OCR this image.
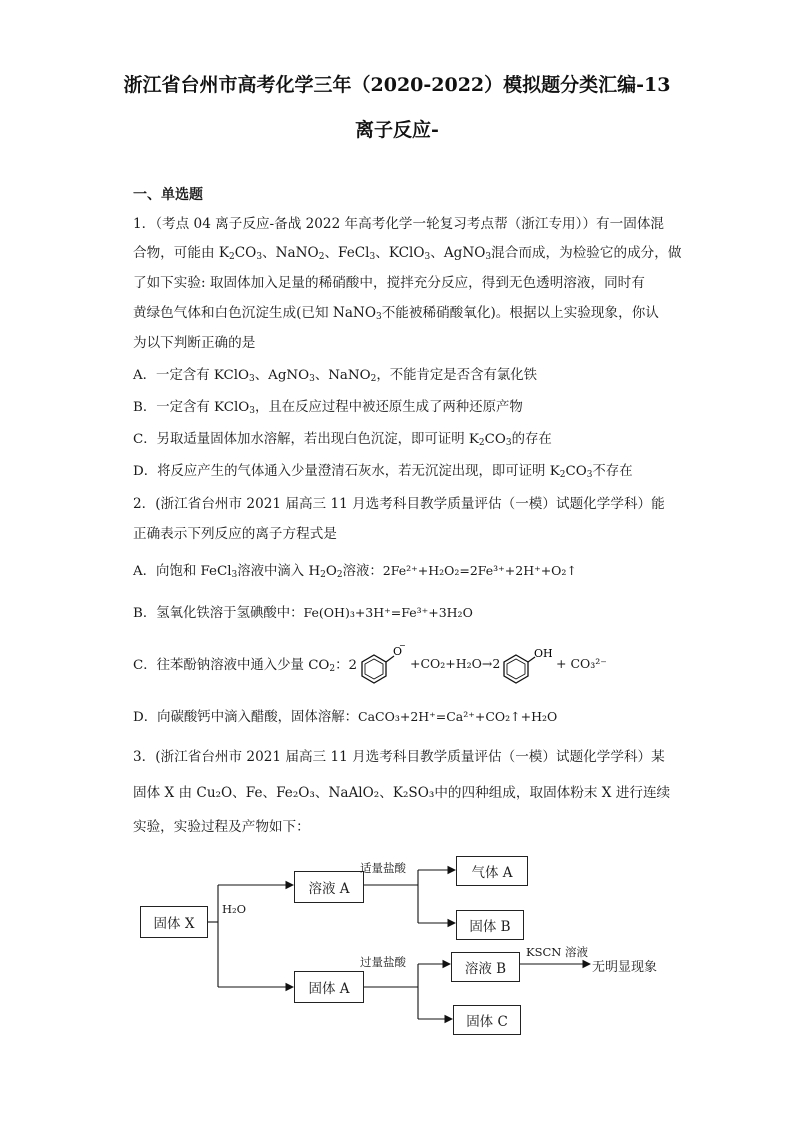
浙江省台州市高考化学三年（2020-2022）模拟题分类汇编-13
离子反应-
一、单选题
1．（考点 04 离子反应-备战 2022 年高考化学一轮复习考点帮（浙江专用））有一固体混
合物，可能由 $K_2CO_3$、NaNO$_2$、FeCl$_3$、KClO$_3$、AgNO$_3$混合而成，为检验它的成分，做
了如下实验: 取固体加入足量的稀硝酸中，搅拌充分反应，得到无色透明溶液，同时有
黄绿色气体和白色沉淀生成(已知 NaNO$_3$不能被稀硝酸氧化)。根据以上实验现象，你认
为以下判断正确的是
A．一定含有 KClO$_3$、AgNO$_3$、NaNO$_2$，不能肯定是否含有氯化铁
B．一定含有 KClO$_3$，且在反应过程中被还原生成了两种还原产物
C．另取适量固体加水溶解，若出现白色沉淀，即可证明 $K_2CO_3$的存在
D．将反应产生的气体通入少量澄清石灰水，若无沉淀出现，即可证明 $K_2CO_3$不存在
2．(浙江省台州市 2021 届高三 11 月选考科目教学质量评估（一模）试题化学学科）能
正确表示下列反应的离子方程式是
A．向饱和 FeCl$_3$溶液中滴入 $H_2O_2$溶液：2Fe²⁺+H₂O₂=2Fe³⁺+2H⁺+O₂↑
B．氢氧化铁溶于氢碘酸中：Fe(OH)₃+3H⁺=Fe³⁺+3H₂O
C．往苯酚钠溶液中通入少量 $CO_2$：2
O
−
+CO₂+H₂O→2
OH
+ CO₃²⁻
D．向碳酸钙中滴入醋酸，固体溶解：CaCO₃+2H⁺=Ca²⁺+CO₂↑+H₂O
3．(浙江省台州市 2021 届高三 11 月选考科目教学质量评估（一模）试题化学学科）某
固体 X 由 Cu₂O、Fe、Fe₂O₃、NaAlO₂、K₂SO₃中的四种组成，取固体粉末 X 进行连续
实验，实验过程及产物如下：
固体 X
H₂O
溶液 A
固体 A
适量盐酸
过量盐酸
气体 A
固体 B
溶液 B
固体 C
KSCN 溶液
无明显现象
